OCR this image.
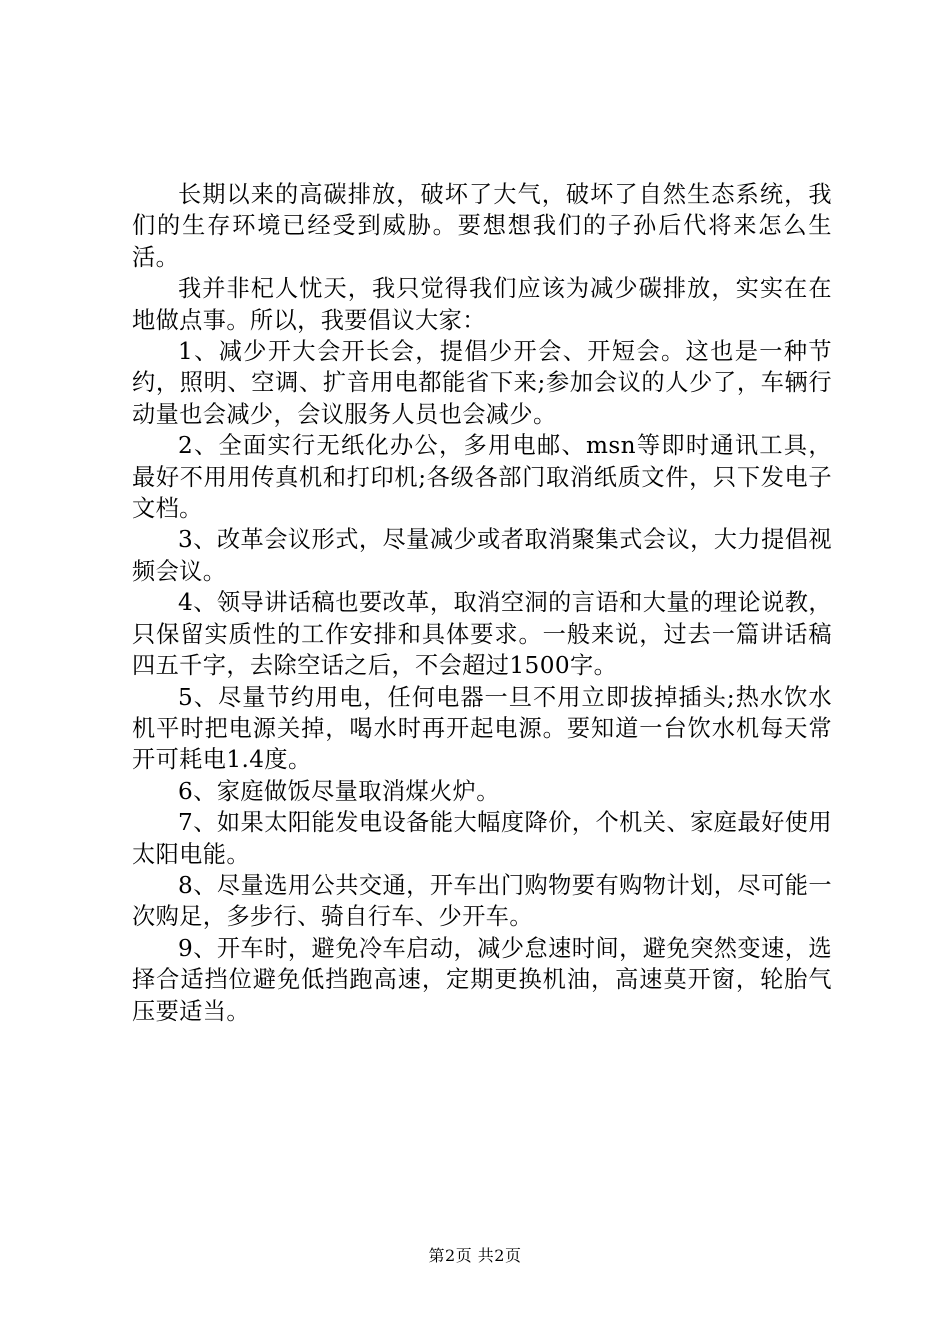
长期以来的高碳排放，破坏了大气，破坏了自然生态系统，我们的生存环境已经受到威胁。要想想我们的子孙后代将来怎么生活。

我并非杞人忧天，我只觉得我们应该为减少碳排放，实实在在地做点事。所以，我要倡议大家：

1、减少开大会开长会，提倡少开会、开短会。这也是一种节约，照明、空调、扩音用电都能省下来;参加会议的人少了，车辆行动量也会减少，会议服务人员也会减少。

2、全面实行无纸化办公，多用电邮、msn等即时通讯工具，最好不用用传真机和打印机;各级各部门取消纸质文件，只下发电子文档。

3、改革会议形式，尽量减少或者取消聚集式会议，大力提倡视频会议。

4、领导讲话稿也要改革，取消空洞的言语和大量的理论说教，只保留实质性的工作安排和具体要求。一般来说，过去一篇讲话稿四五千字，去除空话之后，不会超过1500字。

5、尽量节约用电，任何电器一旦不用立即拔掉插头;热水饮水机平时把电源关掉，喝水时再开起电源。要知道一台饮水机每天常开可耗电1.4度。

6、家庭做饭尽量取消煤火炉。

7、如果太阳能发电设备能大幅度降价，个机关、家庭最好使用太阳电能。

8、尽量选用公共交通，开车出门购物要有购物计划，尽可能一次购足，多步行、骑自行车、少开车。

9、开车时，避免冷车启动，减少怠速时间，避免突然变速，选择合适挡位避免低挡跑高速，定期更换机油，高速莫开窗，轮胎气压要适当。

第2页 共2页
